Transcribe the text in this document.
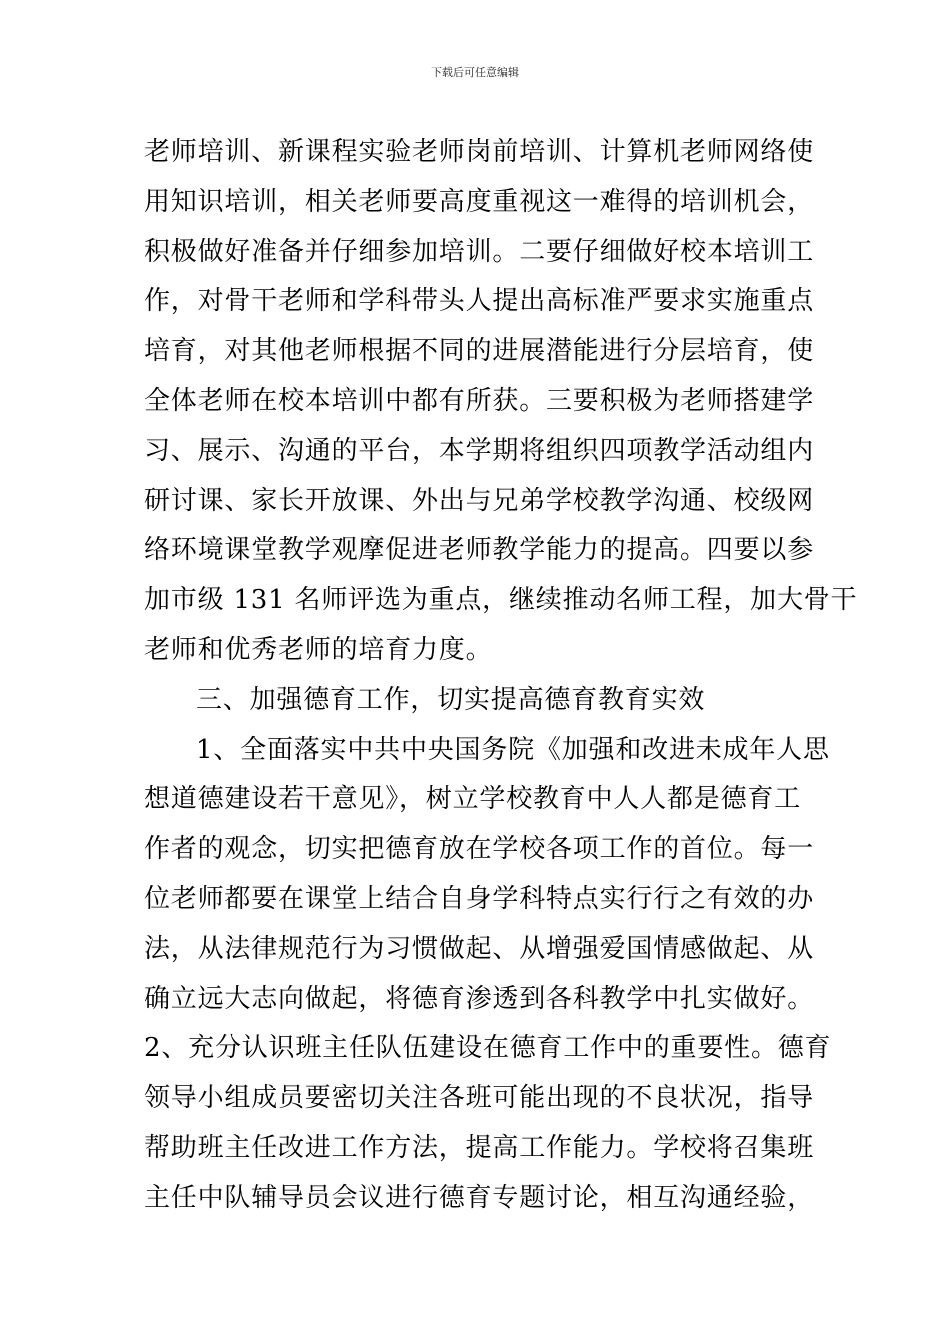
下载后可任意编辑
老师培训、新课程实验老师岗前培训、计算机老师网络使
用知识培训，相关老师要高度重视这一难得的培训机会，
积极做好准备并仔细参加培训。二要仔细做好校本培训工
作，对骨干老师和学科带头人提出高标准严要求实施重点
培育，对其他老师根据不同的进展潜能进行分层培育，使
全体老师在校本培训中都有所获。三要积极为老师搭建学
习、展示、沟通的平台，本学期将组织四项教学活动组内
研讨课、家长开放课、外出与兄弟学校教学沟通、校级网
络环境课堂教学观摩促进老师教学能力的提高。四要以参
加市级 131 名师评选为重点，继续推动名师工程，加大骨干
老师和优秀老师的培育力度。
三、加强德育工作，切实提高德育教育实效
1、全面落实中共中央国务院《加强和改进未成年人思
想道德建设若干意见》，树立学校教育中人人都是德育工
作者的观念，切实把德育放在学校各项工作的首位。每一
位老师都要在课堂上结合自身学科特点实行行之有效的办
法，从法律规范行为习惯做起、从增强爱国情感做起、从
确立远大志向做起，将德育渗透到各科教学中扎实做好。
2、充分认识班主任队伍建设在德育工作中的重要性。德育
领导小组成员要密切关注各班可能出现的不良状况，指导
帮助班主任改进工作方法，提高工作能力。学校将召集班
主任中队辅导员会议进行德育专题讨论，相互沟通经验，
